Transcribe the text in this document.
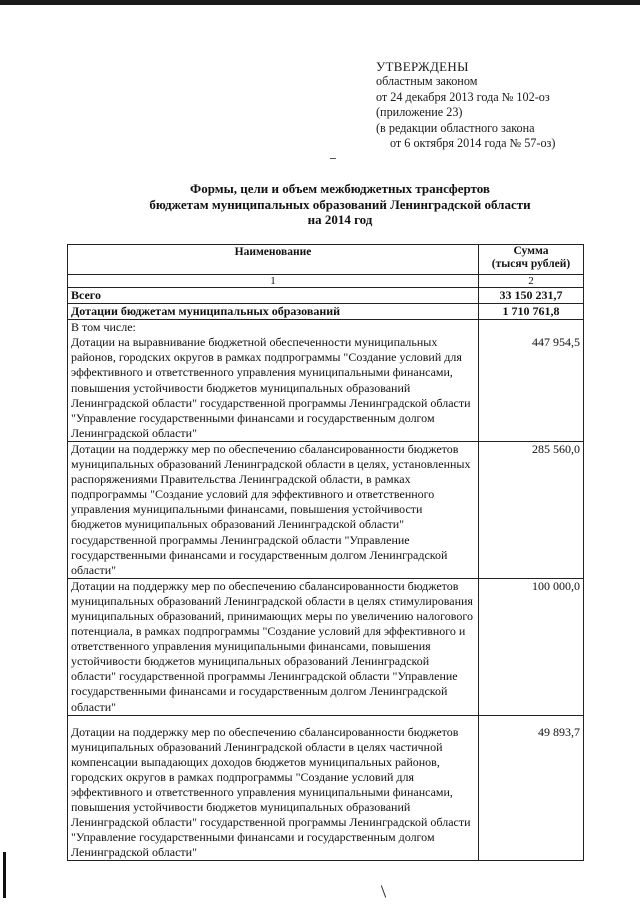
УТВЕРЖДЕНЫ
областным законом
от 24 декабря 2013 года № 102-оз
(приложение 23)
(в редакции областного закона
от 6 октября 2014 года № 57-оз)
Формы, цели и объем межбюджетных трансфертов
бюджетам муниципальных образований Ленинградской области
на 2014 год
Наименование	Сумма
(тысяч рублей)

1	2
Всего	33 150 231,7
Дотации бюджетам муниципальных образований	1 710 761,8

В том числе:
Дотации на выравнивание бюджетной обеспеченности муниципальных районов, городских округов в рамках подпрограммы "Создание условий для эффективного и ответственного управления муниципальными финансами, повышения устойчивости бюджетов муниципальных образований Ленинградской области" государственной программы Ленинградской области "Управление государственными финансами и государственным долгом Ленинградской области"	447 954,5
Дотации на поддержку мер по обеспечению сбалансированности бюджетов муниципальных образований Ленинградской области в целях, установленных распоряжениями Правительства Ленинградской области, в рамках подпрограммы "Создание условий для эффективного и ответственного управления муниципальными финансами, повышения устойчивости бюджетов муниципальных образований Ленинградской области" государственной программы Ленинградской области "Управление государственными финансами и государственным долгом Ленинградской области"	285 560,0
Дотации на поддержку мер по обеспечению сбалансированности бюджетов муниципальных образований Ленинградской области в целях стимулирования муниципальных образований, принимающих меры по увеличению налогового потенциала, в рамках подпрограммы "Создание условий для эффективного и ответственного управления муниципальными финансами, повышения устойчивости бюджетов муниципальных образований Ленинградской области" государственной программы Ленинградской области "Управление государственными финансами и государственным долгом Ленинградской области"	100 000,0
Дотации на поддержку мер по обеспечению сбалансированности бюджетов муниципальных образований Ленинградской области в целях частичной компенсации выпадающих доходов бюджетов муниципальных районов, городских округов в рамках подпрограммы "Создание условий для эффективного и ответственного управления муниципальными финансами, повышения устойчивости бюджетов муниципальных образований Ленинградской области" государственной программы Ленинградской области "Управление государственными финансами и государственным долгом Ленинградской области"	49 893,7
